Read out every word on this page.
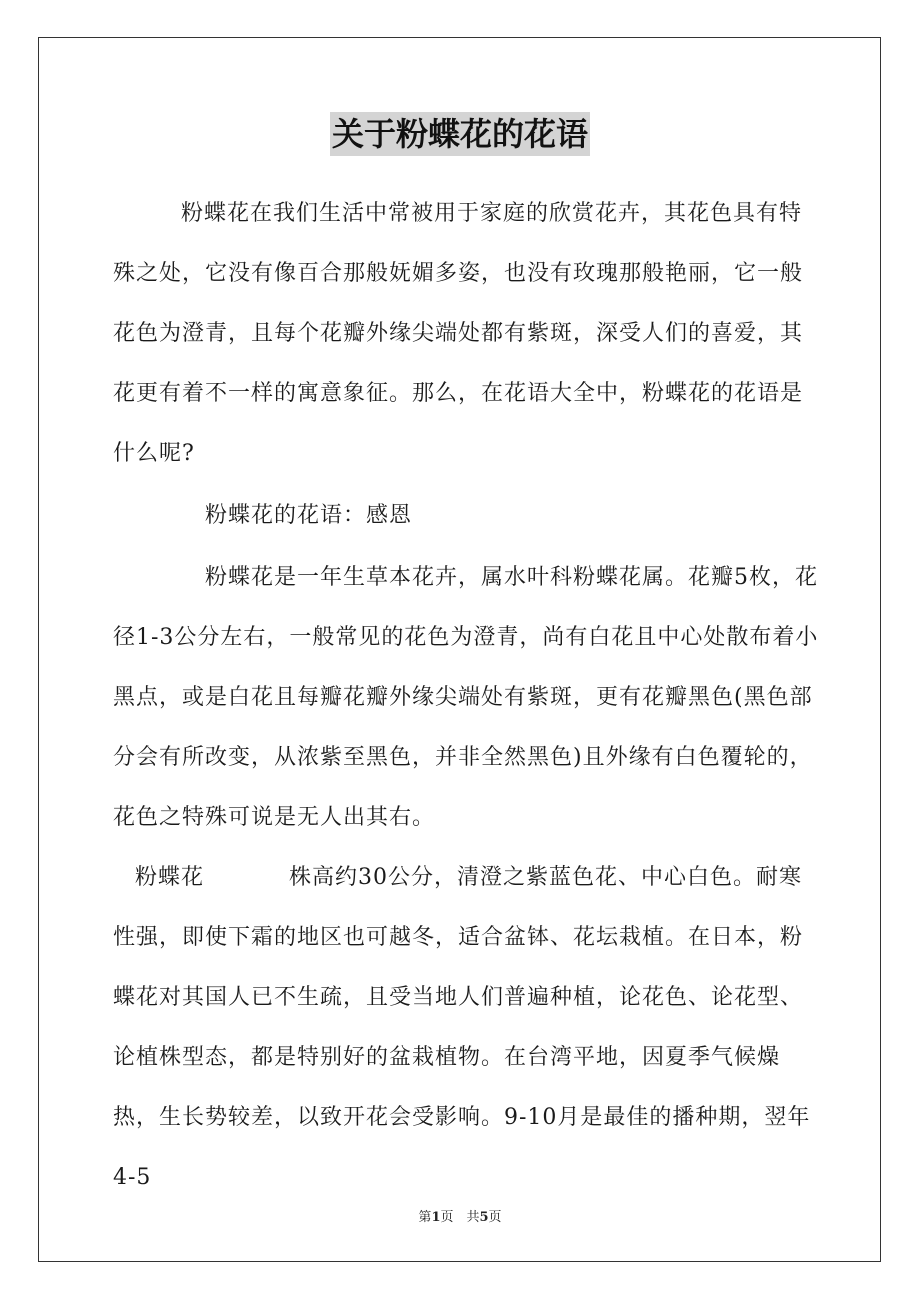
关于粉蝶花的花语
粉蝶花在我们生活中常被用于家庭的欣赏花卉，其花色具有特殊之处，它没有像百合那般妩媚多姿，也没有玫瑰那般艳丽，它一般花色为澄青，且每个花瓣外缘尖端处都有紫斑，深受人们的喜爱，其花更有着不一样的寓意象征。那么，在花语大全中，粉蝶花的花语是什么呢?
粉蝶花的花语：感恩
粉蝶花是一年生草本花卉，属水叶科粉蝶花属。花瓣5枚，花径1-3公分左右，一般常见的花色为澄青，尚有白花且中心处散布着小黑点，或是白花且每瓣花瓣外缘尖端处有紫斑，更有花瓣黑色(黑色部分会有所改变，从浓紫至黑色，并非全然黑色)且外缘有白色覆轮的，花色之特殊可说是无人出其右。
粉蝶花	株高约30公分，清澄之紫蓝色花、中心白色。耐寒性强，即使下霜的地区也可越冬，适合盆钵、花坛栽植。在日本，粉蝶花对其国人已不生疏，且受当地人们普遍种植，论花色、论花型、论植株型态，都是特别好的盆栽植物。在台湾平地，因夏季气候燥热，生长势较差，以致开花会受影响。9-10月是最佳的播种期，翌年4-5
第1页　共5页
